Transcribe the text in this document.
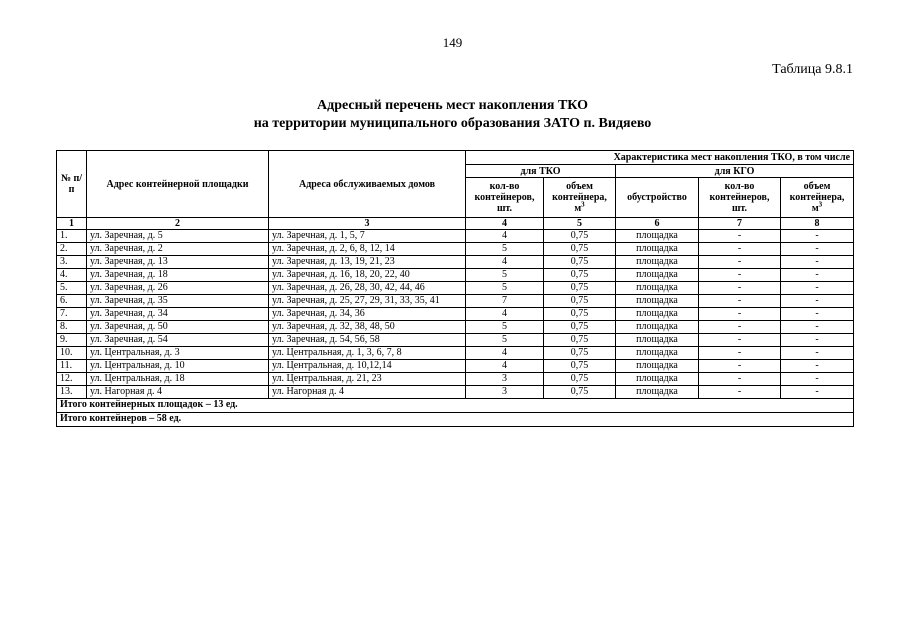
149
Таблица 9.8.1
Адресный перечень мест накопления ТКО
на территории муниципального образования ЗАТО п. Видяево
№ п/п	Адрес контейнерной площадки	Адреса обслуживаемых домов	Характеристика мест накопления ТКО, в том числе				
			для ТКО		для КГО		
			кол-во контейнеров, шт.	объем контейнера, $м^3$	обустройство	кол-во контейнеров, шт.	объем контейнера, $м^3$
1	2	3	4	5	6	7	8
1.	ул. Заречная, д. 5	ул. Заречная, д. 1, 5, 7	4	0,75	площадка	-	-
2.	ул. Заречная, д. 2	ул. Заречная, д. 2, 6, 8, 12, 14	5	0,75	площадка	-	-
3.	ул. Заречная, д. 13	ул. Заречная, д. 13, 19, 21, 23	4	0,75	площадка	-	-
4.	ул. Заречная, д. 18	ул. Заречная, д. 16, 18, 20, 22, 40	5	0,75	площадка	-	-
5.	ул. Заречная, д. 26	ул. Заречная, д. 26, 28, 30, 42, 44, 46	5	0,75	площадка	-	-
6.	ул. Заречная, д. 35	ул. Заречная, д. 25, 27, 29, 31, 33, 35, 41	7	0,75	площадка	-	-
7.	ул. Заречная, д. 34	ул. Заречная, д. 34, 36	4	0,75	площадка	-	-
8.	ул. Заречная, д. 50	ул. Заречная, д. 32, 38, 48, 50	5	0,75	площадка	-	-
9.	ул. Заречная, д. 54	ул. Заречная, д. 54, 56, 58	5	0,75	площадка	-	-
10.	ул. Центральная, д. 3	ул. Центральная, д. 1, 3, 6, 7, 8	4	0,75	площадка	-	-
11.	ул. Центральная, д. 10	ул. Центральная, д. 10,12,14	4	0,75	площадка	-	-
12.	ул. Центральная, д. 18	ул. Центральная, д. 21, 23	3	0,75	площадка	-	-
13.	ул. Нагорная д. 4	ул. Нагорная д. 4	3	0,75	площадка	-	-
Итого контейнерных площадок – 13 ед.							
Итого контейнеров – 58 ед.							
